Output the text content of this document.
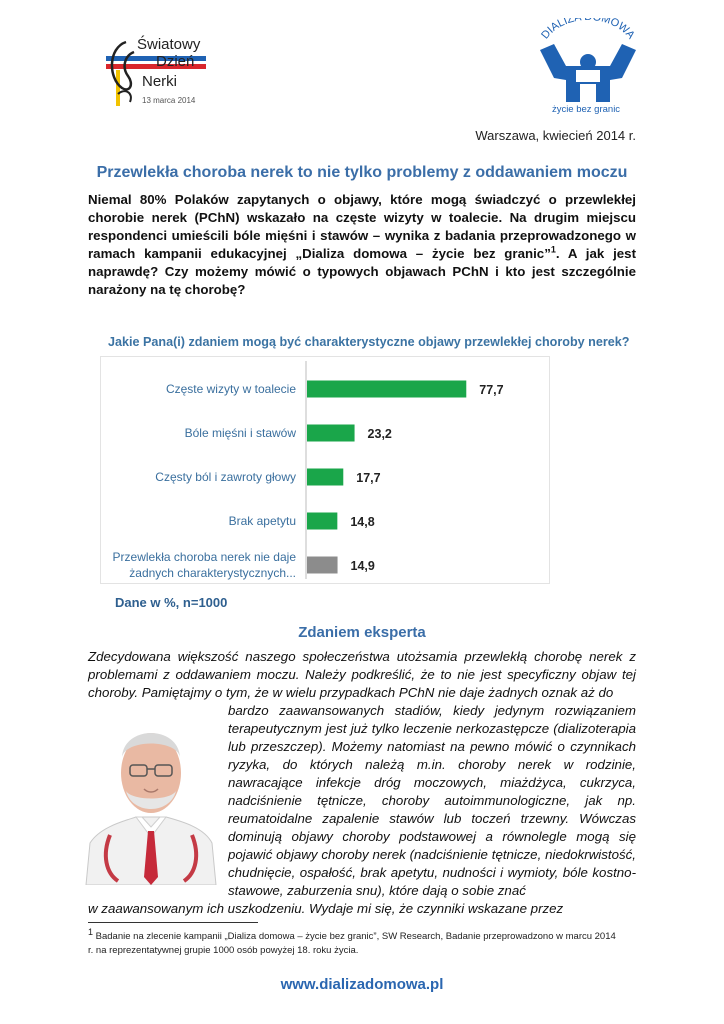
Światowy
Dzień
Nerki
13 marca 2014
DIALIZ MOWA
życie bez granic
Warszawa, kwiecień 2014 r.
Przewlekła choroba nerek to nie tylko problemy z oddawaniem moczu
Niemal 80% Polaków zapytanych o objawy, które mogą świadczyć o przewlekłej chorobie nerek (PChN) wskazało na częste wizyty w toalecie. Na drugim miejscu respondenci umieścili bóle mięśni i stawów – wynika z badania przeprowadzonego w ramach kampanii edukacyjnej „Dializa domowa – życie bez granic”$^1$. A jak jest naprawdę? Czy możemy mówić o typowych objawach PChN i kto jest szczególnie narażony na tę chorobę?
Jakie Pana(i) zdaniem mogą być charakterystyczne objawy przewlekłej choroby nerek?
Częste wizyty w toalecie	77,7
Bóle mięśni i stawów	23,2
Częsty ból i zawroty głowy	17,7
Brak apetytu	14,8
Przewlekła choroba nerek nie daje żadnych charakterystycznych...	14,9
Dane w %, n=1000
Zdaniem eksperta
Zdecydowana większość naszego społeczeństwa utożsamia przewlekłą chorobę nerek z problemami z oddawaniem moczu. Należy podkreślić, że to nie jest specyficzny objaw tej choroby. Pamiętajmy o tym, że w wielu przypadkach PChN nie daje żadnych oznak aż do
bardzo zaawansowanych stadiów, kiedy jedynym rozwiązaniem terapeutycznym jest już tylko leczenie nerkozastępcze (dializoterapia lub przeszczep). Możemy natomiast na pewno mówić o czynnikach ryzyka, do których należą m.in. choroby nerek w rodzinie, nawracające infekcje dróg moczowych, miażdżyca, cukrzyca, nadciśnienie tętnicze, choroby autoimmunologiczne, jak np. reumatoidalne zapalenie stawów lub toczeń trzewny. Wówczas dominują objawy choroby podstawowej a równolegle mogą się pojawić objawy choroby nerek (nadciśnienie tętnicze, niedokrwistość, chudnięcie, ospałość, brak apetytu, nudności i wymioty, bóle kostno-stawowe, zaburzenia snu), które dają o sobie znać
w zaawansowanym ich uszkodzeniu. Wydaje mi się, że czynniki wskazane przez
$^1$ Badanie na zlecenie kampanii „Dializa domowa – życie bez granic”, SW Research, Badanie przeprowadzono w marcu 2014 r. na reprezentatywnej grupie 1000 osób powyżej 18. roku życia.
www.dializadomowa.pl
